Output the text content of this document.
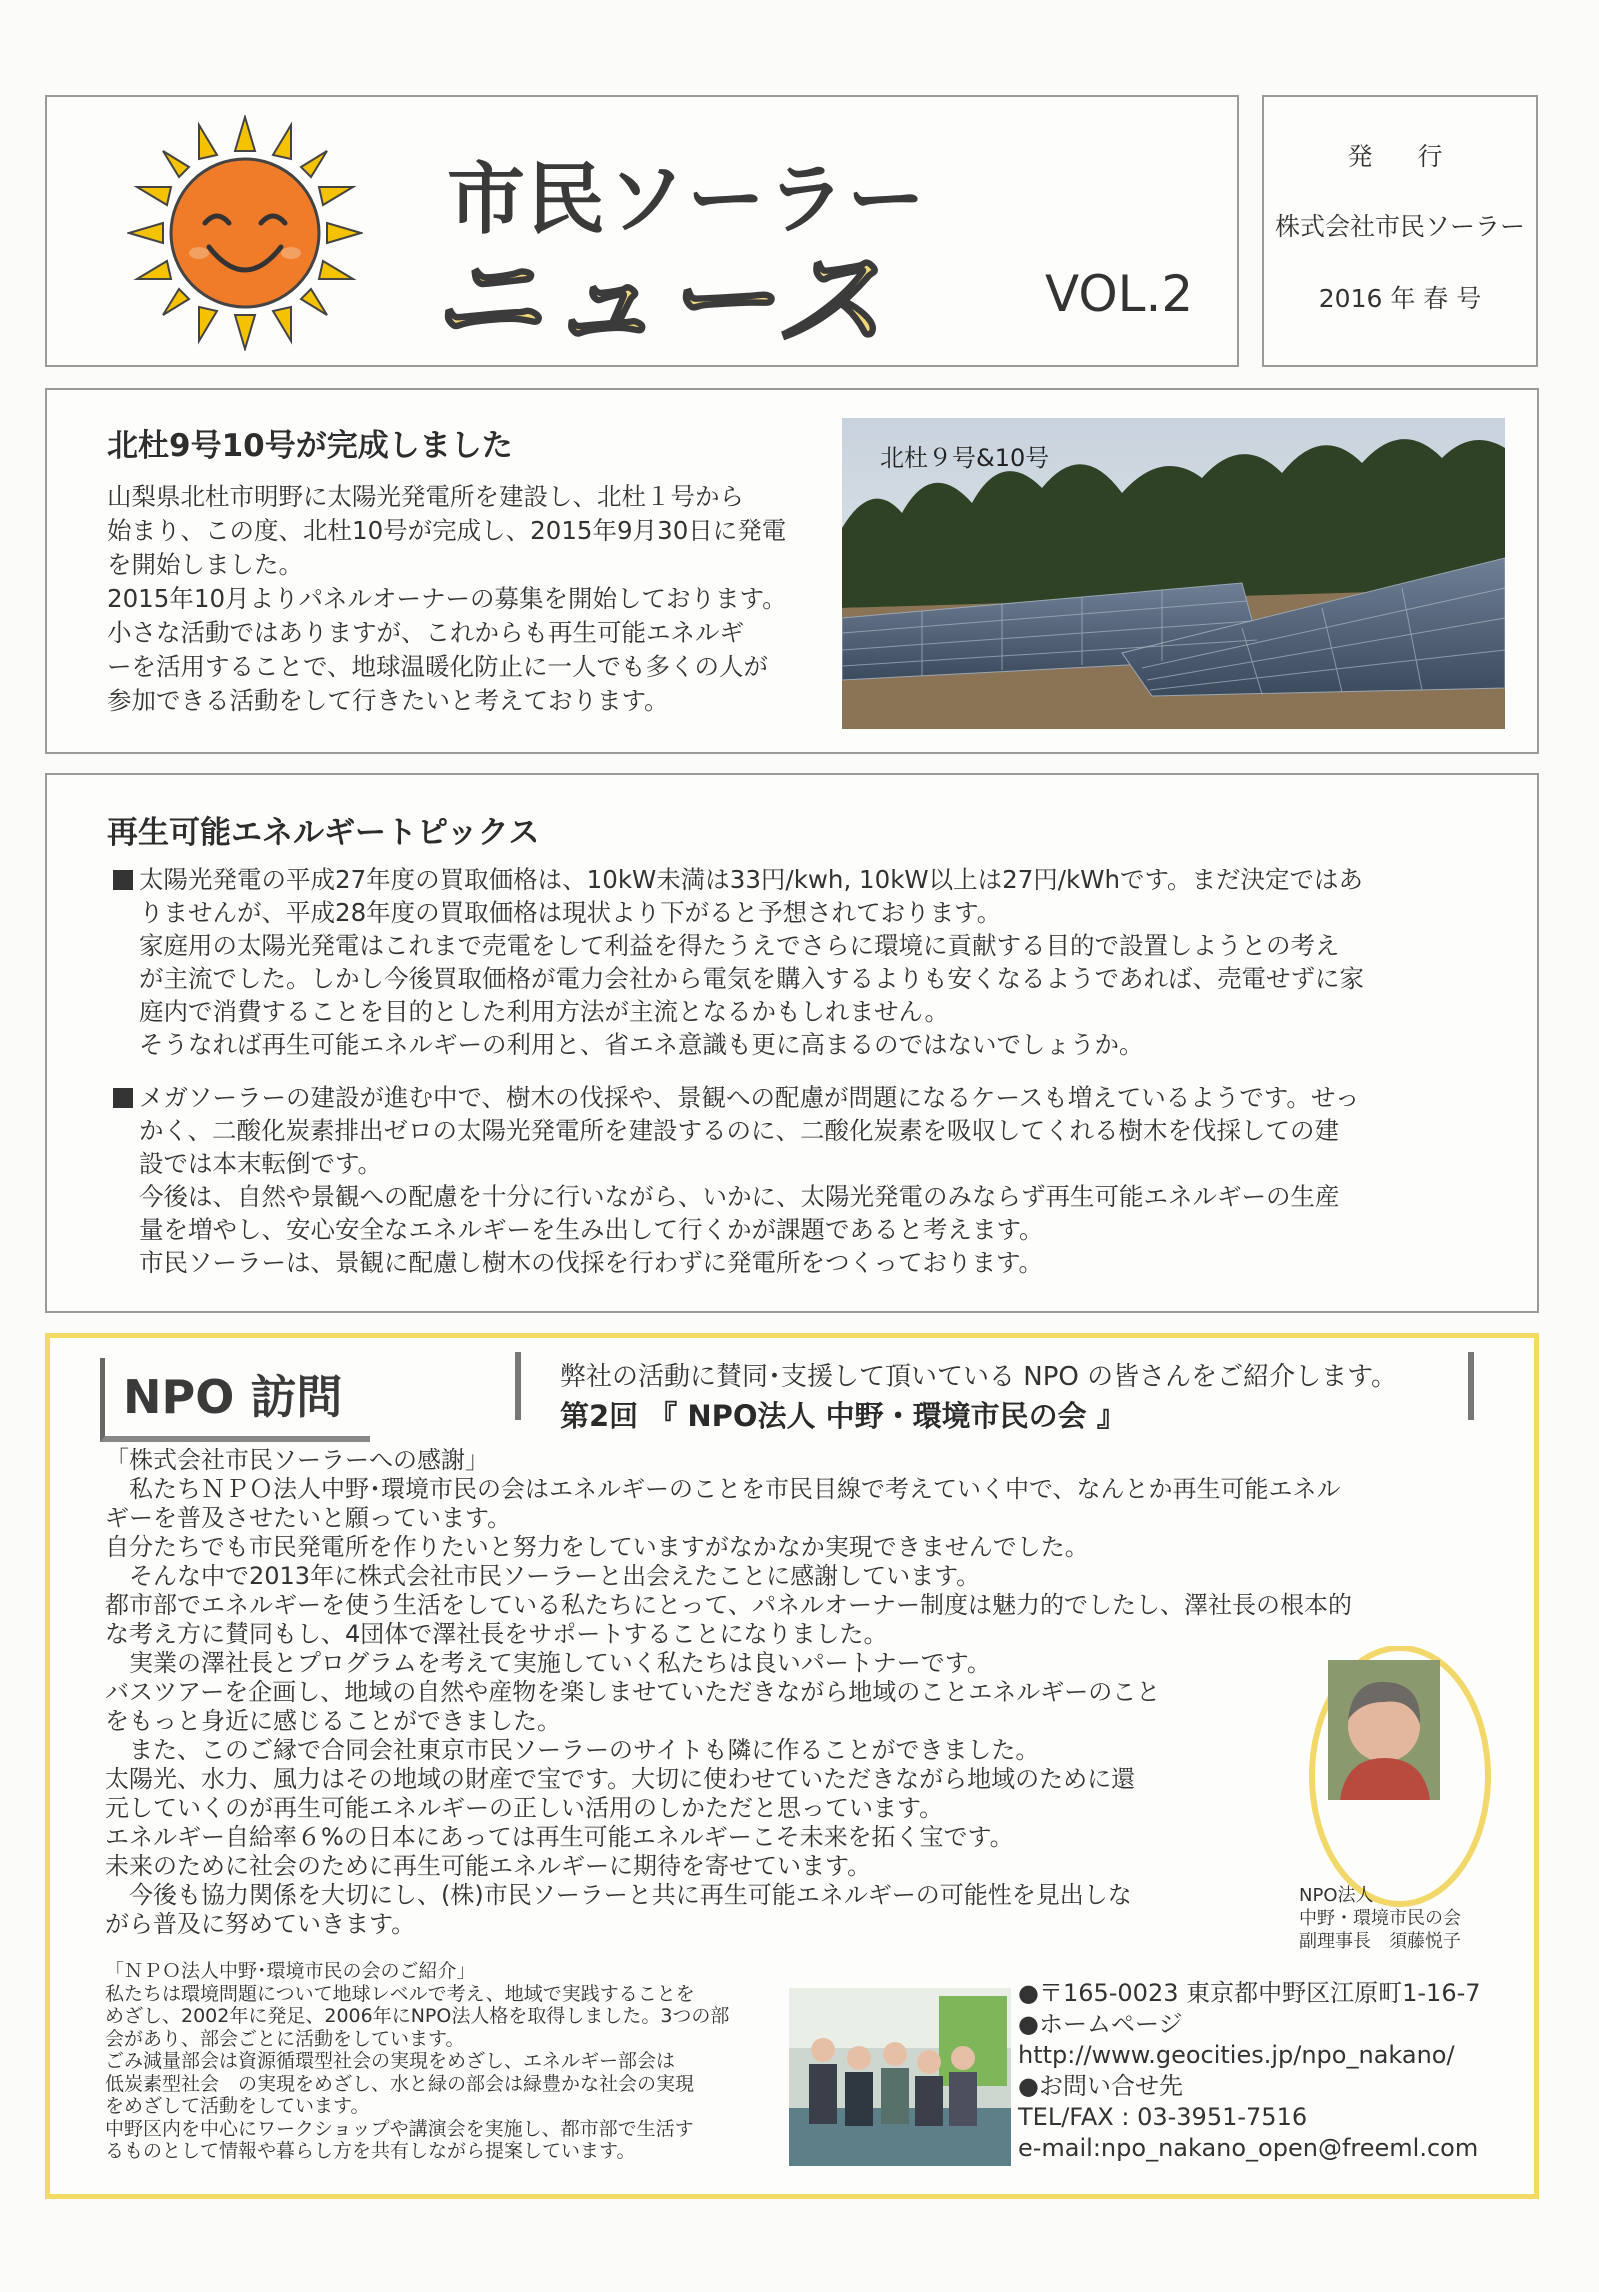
市民ソーラー
ニュース	VOL.2
発　行
株式会社市民ソーラー
2016 年 春 号
北杜9号10号が完成しました
山梨県北杜市明野に太陽光発電所を建設し、北杜１号から
始まり、この度、北杜10号が完成し、2015年9月30日に発電
を開始しました。
2015年10月よりパネルオーナーの募集を開始しております。
小さな活動ではありますが、これからも再生可能エネルギ
ーを活用することで、地球温暖化防止に一人でも多くの人が
参加できる活動をして行きたいと考えております。
北杜９号&10号
再生可能エネルギートピックス
太陽光発電の平成27年度の買取価格は、10kW未満は33円/kwh, 10kW以上は27円/kWhです。まだ決定ではあ
りませんが、平成28年度の買取価格は現状より下がると予想されております。
家庭用の太陽光発電はこれまで売電をして利益を得たうえでさらに環境に貢献する目的で設置しようとの考え
が主流でした。しかし今後買取価格が電力会社から電気を購入するよりも安くなるようであれば、売電せずに家
庭内で消費することを目的とした利用方法が主流となるかもしれません。
そうなれば再生可能エネルギーの利用と、省エネ意識も更に高まるのではないでしょうか。
メガソーラーの建設が進む中で、樹木の伐採や、景観への配慮が問題になるケースも増えているようです。せっ
かく、二酸化炭素排出ゼロの太陽光発電所を建設するのに、二酸化炭素を吸収してくれる樹木を伐採しての建
設では本末転倒です。
今後は、自然や景観への配慮を十分に行いながら、いかに、太陽光発電のみならず再生可能エネルギーの生産
量を増やし、安心安全なエネルギーを生み出して行くかが課題であると考えます。
市民ソーラーは、景観に配慮し樹木の伐採を行わずに発電所をつくっております。
NPO 訪問	弊社の活動に賛同･支援して頂いている NPO の皆さんをご紹介します。
第2回 『 NPO法人 中野・環境市民の会 』
「株式会社市民ソーラーへの感謝」
　私たちＮＰＯ法人中野･環境市民の会はエネルギーのことを市民目線で考えていく中で、なんとか再生可能エネル
ギーを普及させたいと願っています。
自分たちでも市民発電所を作りたいと努力をしていますがなかなか実現できませんでした。
　そんな中で2013年に株式会社市民ソーラーと出会えたことに感謝しています。
都市部でエネルギーを使う生活をしている私たちにとって、パネルオーナー制度は魅力的でしたし、澤社長の根本的
な考え方に賛同もし、4団体で澤社長をサポートすることになりました。
　実業の澤社長とプログラムを考えて実施していく私たちは良いパートナーです。
バスツアーを企画し、地域の自然や産物を楽しませていただきながら地域のことエネルギーのこと
をもっと身近に感じることができました。
　また、このご縁で合同会社東京市民ソーラーのサイトも隣に作ることができました。
太陽光、水力、風力はその地域の財産で宝です。大切に使わせていただきながら地域のために還
元していくのが再生可能エネルギーの正しい活用のしかただと思っています。
エネルギー自給率６%の日本にあっては再生可能エネルギーこそ未来を拓く宝です。
未来のために社会のために再生可能エネルギーに期待を寄せています。
　今後も協力関係を大切にし、(株)市民ソーラーと共に再生可能エネルギーの可能性を見出しな
がら普及に努めていきます。
NPO法人
中野・環境市民の会
副理事長　須藤悦子
「ＮＰＯ法人中野･環境市民の会のご紹介」
私たちは環境問題について地球レベルで考え、地域で実践することを
めざし、2002年に発足、2006年にNPO法人格を取得しました。3つの部
会があり、部会ごとに活動をしています。
ごみ減量部会は資源循環型社会の実現をめざし、エネルギー部会は
低炭素型社会　の実現をめざし、水と緑の部会は緑豊かな社会の実現
をめざして活動をしています。
中野区内を中心にワークショップや講演会を実施し、都市部で生活す
るものとして情報や暮らし方を共有しながら提案しています。
●〒165-0023 東京都中野区江原町1-16-7
●ホームページ
http://www.geocities.jp/npo_nakano/
●お問い合せ先
TEL/FAX : 03-3951-7516
e-mail:npo_nakano_open@freeml.com
